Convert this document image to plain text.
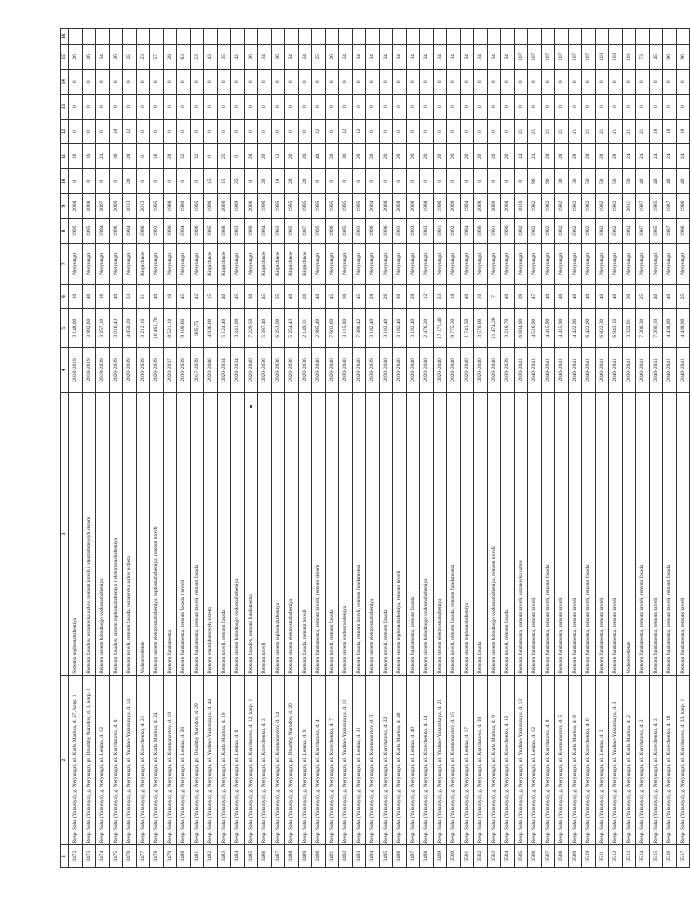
1	2	3	4	5	6	7	8	9	10	11	12	13	14	15	16
3472	Resp. Saha (Yakutiya), g. Neryungri, ul. Karla Marksa, d. 27, korp. 1	Sistema teplosnabzheniya	2018-2019	3 148,00	10	Neryungri	1995	2008	0	16	0	0	0	26	
3473	Resp. Saha (Yakutiya), g. Neryungri, pr. Druzhby Narodov, d. 3, korp. 1	Remont fasadov, ustanovka uzlov, remont krovli i vnutridomovyh sistem	2018-2019	3 992,60	40	Neryungri	1995	2008	0	16	0	0	0	26	
3474	Resp. Saha (Yakutiya), g. Neryungri, ul. Lenina, d. 12	Remont sistem holodnogo vodosnabzheniya	2018-2039	3 257,10	16	Neryungri	1994	2007	0	24	6	0	0	34	
3475	Resp. Saha (Yakutiya), g. Neryungri, ul. Kurchatova, d. 9	Remont fasadov, sistem teplosnabzheniya i elektrosnabzheniya	2020-2039	3 016,43	40	Neryungri	1996	2009	0	36	18	0	0	36	
3476	Resp. Saha (Yakutiya), g. Neryungri, ul. Yuzhno-Yakutskaya, d. 14	Remont krovli, remont fasada, ustanovka uzlov ucheta	2020-2039	4 050,20	33	Neryungri	1984	2013	20	28	12	0	0	35	
3477	Resp. Saha (Yakutiya), g. Neryungri, ul. Kravchenko, d. 21	Vodootvedenie	2030-2039	3 212,10	31	Kirpichnoe	1986	2013	0	0	0	0	0	23	
3478	Resp. Saha (Yakutiya), g. Neryungri, ul. Karla Marksa, d. 24	Remont sistem elektrosnabzheniya, teplosnabzheniya, remont krovli	2020-2039	10 461,70	40	Neryungri	1993	1995	0	16	0	0	0	57	
3479	Resp. Saha (Yakutiya), g. Neryungri, ul. Kosmonavtov, d. 18	Remont fundamenta	2020-2037	8 521,10	10	Neryungri	1990	1988	0	28	0	0	0	28	
3480	Resp. Saha (Yakutiya), g. Neryungri, ul. Lenina, d. 28	Remont fundamenta, remont fasada i krovli	2030-2039	9 100,60	45	Neryungri	1994	1980	0	32	0	0	0	63	
3481	Resp. Saha (Yakutiya), g. Neryungri, pr. Druzhby Narodov, d. 29	Remont fundamenta, remont krovli, remont fasada	2017-2039	905,75	42	Neryungri	1996	1995	0	32	0	0	0	53	
3482	Resp. Saha (Yakutiya), g. Neryungri, ul. Yuzhno-Yakutskaya, d. 44	Remont vnutridomovyh sistem	2020-2046	4 936,00	15	Kirpichnoe	1985	1996	15	0	0	0	0	43	
3483	Resp. Saha (Yakutiya), g. Neryungri, ul. Karla Marksa, d. 19	Remont krovli, remont fasada	2020-2034	5 124,40	40	Kirpichnoe	1986	2000	15	25	0	0	0	35	
3484	Resp. Saha (Yakutiya), g. Neryungri, ul. Lenina, d. 6	Remont sistem holodnogo vodosnabzheniya	2020-2034	3 241,00	45	Neryungri	1983	1989	25	0	0	0	0	42	
3485	Resp. Saha (Yakutiya), g. Neryungri, ul. Kurchatova, d. 12, korp. 1	Remont fasadov, remont fundamenta	2020-2040	7 229,50	30	Neryungri	1989	2006	0	28	0	0	0	36	
3486	Resp. Saha (Yakutiya), g. Neryungri, ul. Kravchenko, d. 2	Remont krovli	2020-2036	5 387,40	45	Kirpichnoe	1984	1996	20	20	0	0	0	34	
3487	Resp. Saha (Yakutiya), g. Neryungri, ul. Kosmonavtov, d. 14	Remont sistem teplosnabzheniya	2020-2036	6 253,00	35	Kirpichnoe	1983	1995	18	12	0	0	0	36	
3488	Resp. Saha (Yakutiya), g. Neryungri, pr. Druzhby Narodov, d. 20	Remont sistem elektrosnabzheniya	2020-2036	5 254,43	40	Kirpichnoe	1985	1995	20	20	0	0	0	34	
3489	Resp. Saha (Yakutiya), g. Neryungri, ul. Lenina, d. 9	Remont fasada, remont krovli	2020-2036	2 149,31	20	Kirpichnoe	1987	1995	20	20	0	0	0	34	
3490	Resp. Saha (Yakutiya), g. Neryungri, ul. Kurchatova, d. 4	Remont fundamenta, remont krovli, remont sistem	2020-2040	2 985,40	40	Neryungri	1995	1995	0	40	12	0	0	25	
3491	Resp. Saha (Yakutiya), g. Neryungri, ul. Kravchenko, d. 7	Remont krovli, remont fasada	2020-2040	7 603,60	45	Neryungri	1990	1995	0	20	0	0	0	26	
3492	Resp. Saha (Yakutiya), g. Neryungri, ul. Yuzhno-Yakutskaya, d. 11	Remont sistem vodootvedeniya	2030-2040	3 115,00	30	Neryungri	1985	1995	0	30	12	0	0	34	
3493	Resp. Saha (Yakutiya), g. Neryungri, ul. Lenina, d. 31	Remont fasada, remont krovli, remont fundamenta	2020-2040	7 380,42	45	Neryungri	1993	1995	0	20	12	0	0	34	
3494	Resp. Saha (Yakutiya), g. Neryungri, ul. Kosmonavtov, d. 3	Remont sistem elektrosnabzheniya	2030-2039	3 182,40	28	Neryungri	1990	2004	0	20	0	0	0	34	
3495	Resp. Saha (Yakutiya), g. Neryungri, ul. Kurchatova, d. 22	Remont krovli, remont fasada	2030-2040	3 182,40	26	Neryungri	1996	2008	0	20	0	0	0	34	
3496	Resp. Saha (Yakutiya), g. Neryungri, ul. Karla Marksa, d. 40	Remont sistem teplosnabzheniya, remont krovli	2030-2040	3 182,40	30	Neryungri	1993	2008	0	20	0	0	0	34	
3497	Resp. Saha (Yakutiya), g. Neryungri, ul. Lenina, d. 40	Remont fundamenta, remont fasada	2020-2040	3 182,40	28	Neryungri	1993	2008	0	20	0	0	0	34	
3498	Resp. Saha (Yakutiya), g. Neryungri, ul. Kravchenko, d. 14	Remont sistem holodnogo vodosnabzheniya	2020-2040	2 476,20	12	Neryungri	1983	1998	0	20	0	0	0	34	
3499	Resp. Saha (Yakutiya), g. Neryungri, ul. Yuzhno-Yakutskaya, d. 21	Remont sistem elektrosnabzheniya	2020-2040	17 171,40	33	Neryungri	1991	1996	0	20	0	0	0	34	
3500	Resp. Saha (Yakutiya), g. Neryungri, ul. Kosmonavtov, d. 15	Remont krovli, remont fasada, remont fundamenta	2020-2040	9 775,30	18	Neryungri	1992	2009	0	20	0	0	0	34	
3501	Resp. Saha (Yakutiya), g. Neryungri, ul. Lenina, d. 17	Remont sistem teplosnabzheniya	2020-2040	1 741,50	40	Neryungri	1984	1994	0	20	0	0	0	34	
3502	Resp. Saha (Yakutiya), g. Neryungri, ul. Kurchatova, d. 30	Remont fasada	2020-2040	3 570,00	10	Neryungri	1990	2008	0	20	0	0	0	34	
3503	Resp. Saha (Yakutiya), g. Neryungri, ul. Karla Marksa, d. 9	Remont sistem holodnogo vodosnabzheniya, remont krovli	2020-2040	11 474,20	7	Neryungri	1991	2009	0	20	0	0	0	34	
3504	Resp. Saha (Yakutiya), g. Neryungri, ul. Kravchenko, d. 15	Remont krovli, remont fasada	2030-2039	3 210,70	40	Neryungri	1990	2008	0	20	0	0	0	34	
3505	Resp. Saha (Yakutiya), g. Neryungri, ul. Yuzhno-Yakutskaya, d. 13	Remont fundamenta, remont krovli, ustanovka uzlov	2030-2041	6 604,90	39	Neryungri	1982	2010	0	24	21	0	0	107	
3506	Resp. Saha (Yakutiya), g. Neryungri, ul. Lenina, d. 12	Remont fundamenta, remont krovli	2040-2041	4 516,90	47	Neryungri	1982	1982	90	24	21	0	0	107	
3507	Resp. Saha (Yakutiya), g. Neryungri, ul. Kurchatova, d. 8	Remont fundamenta, remont krovli, remont fasada	2040-2041	4 415,90	40	Neryungri	1982	1982	90	28	21	0	0	107	
3508	Resp. Saha (Yakutiya), g. Neryungri, ul. Kosmonavtov, d. 5	Remont fundamenta, remont krovli	2040-2041	4 415,90	40	Neryungri	1982	1982	30	28	21	0	0	107	
3509	Resp. Saha (Yakutiya), g. Neryungri, ul. Karla Marksa, d. 8	Remont fundamenta, remont krovli	2040-2041	4 422,90	40	Neryungri	1982	1982	30	28	21	0	0	107	
3510	Resp. Saha (Yakutiya), g. Neryungri, ul. Kravchenko, d. 6	Remont fundamenta, remont krovli, remont fasada	2040-2041	6 422,90	40	Neryungri	1982	1982	50	28	21	0	0	107	
3511	Resp. Saha (Yakutiya), g. Neryungri, ul. Lenina, d. 3	Remont fundamenta, remont krovli	2040-2041	6 822,30	40	Neryungri	1982	1982	50	28	21	0	0	103	
3512	Resp. Saha (Yakutiya), g. Neryungri, ul. Yuzhno-Yakutskaya, d. 3	Remont fundamenta, remont krovli	2040-2041	6 943,10	40	Neryungri	1982	1982	50	28	21	0	0	103	
3513	Resp. Saha (Yakutiya), g. Neryungri, ul. Karla Marksa, d. 2	Vodootvedenie	2030-2041	3 322,91	30	Neryungri	1982	2011	50	24	21	0	0	101	
3514	Resp. Saha (Yakutiya), g. Neryungri, ul. Kurchatova, d. 2	Remont fundamenta, remont krovli, remont fasada	2040-2041	7 200,30	25	Neryungri	1987	1987	40	24	21	0	0	73	
3515	Resp. Saha (Yakutiya), g. Neryungri, ul. Kravchenko, d. 2	Remont fundamenta, remont krovli	2040-2041	7 200,10	40	Neryungri	1985	1985	40	24	18	0	0	45	
3516	Resp. Saha (Yakutiya), g. Neryungri, ul. Kravchenko, d. 18	Remont fundamenta, remont krovli, remont fasada	2040-2041	4 438,90	40	Neryungri	1987	1987	40	24	18	0	0	96	
3517	Resp. Saha (Yakutiya), g. Neryungri, ul. Kurchatova, d. 33, korp. 1	Remont fundamenta, remont krovli	2040-2041	4 438,90	25	Neryungri	1986	1986	40	24	18	0	0	96	
